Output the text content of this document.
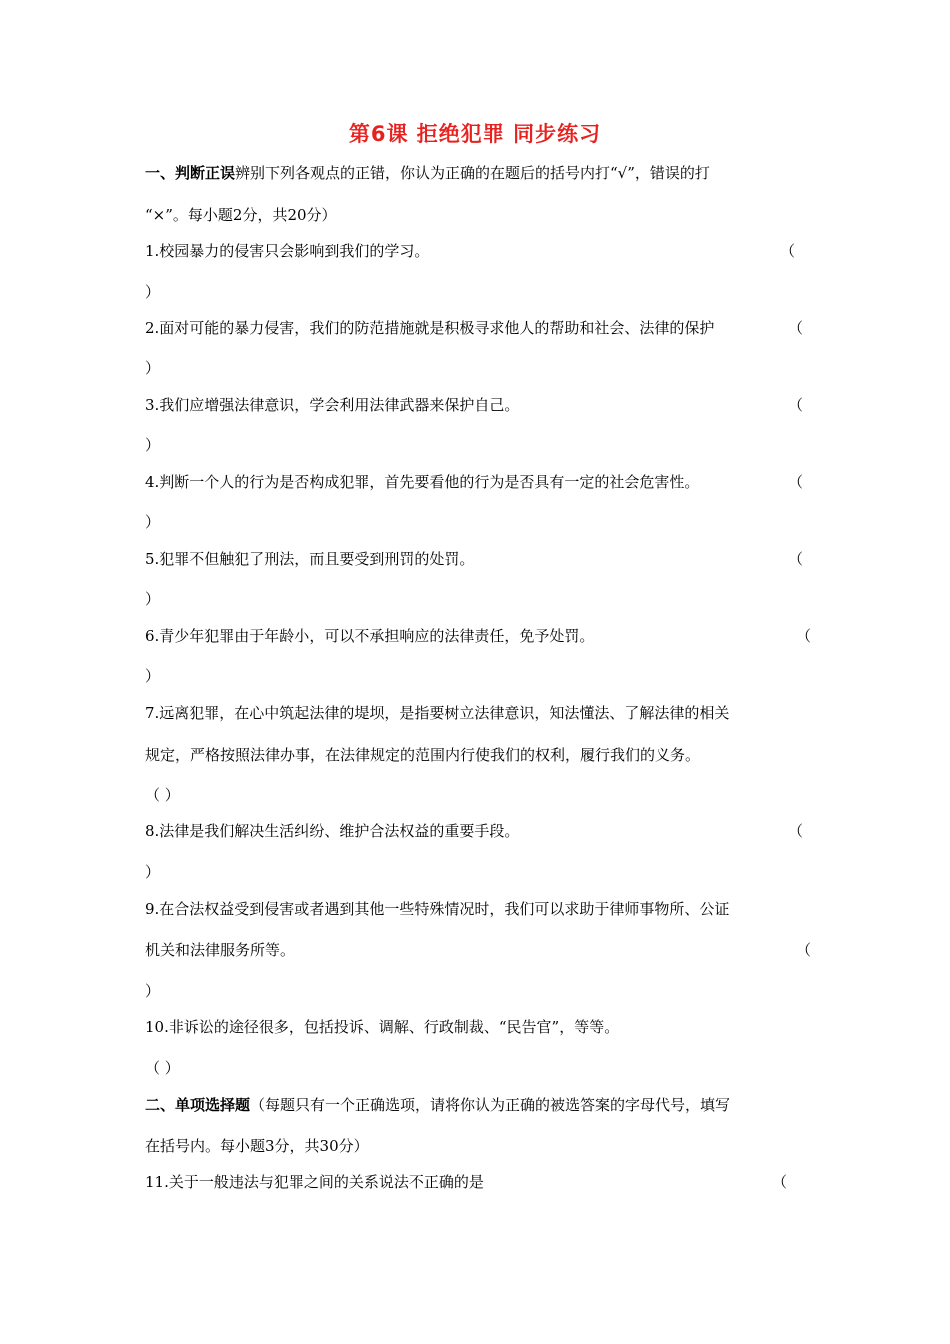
第6课 拒绝犯罪 同步练习
一、判断正误辨别下列各观点的正错，你认为正确的在题后的括号内打“√”，错误的打
“×”。每小题2分，共20分）
1.校园暴力的侵害只会影响到我们的学习。	（
）
2.面对可能的暴力侵害，我们的防范措施就是积极寻求他人的帮助和社会、法律的保护	（
）
3.我们应增强法律意识，学会利用法律武器来保护自己。	（
）
4.判断一个人的行为是否构成犯罪，首先要看他的行为是否具有一定的社会危害性。	（
）
5.犯罪不但触犯了刑法，而且要受到刑罚的处罚。	（
）
6.青少年犯罪由于年龄小，可以不承担响应的法律责任，免予处罚。	（
）
7.远离犯罪，在心中筑起法律的堤坝，是指要树立法律意识，知法懂法、了解法律的相关
规定，严格按照法律办事，在法律规定的范围内行使我们的权利，履行我们的义务。
（ ）
8.法律是我们解决生活纠纷、维护合法权益的重要手段。	（
）
9.在合法权益受到侵害或者遇到其他一些特殊情况时，我们可以求助于律师事物所、公证
机关和法律服务所等。	（
）
10.非诉讼的途径很多，包括投诉、调解、行政制裁、“民告官”，等等。
（ ）
二、单项选择题（每题只有一个正确选项，请将你认为正确的被选答案的字母代号，填写
在括号内。每小题3分，共30分）
11.关于一般违法与犯罪之间的关系说法不正确的是	（
